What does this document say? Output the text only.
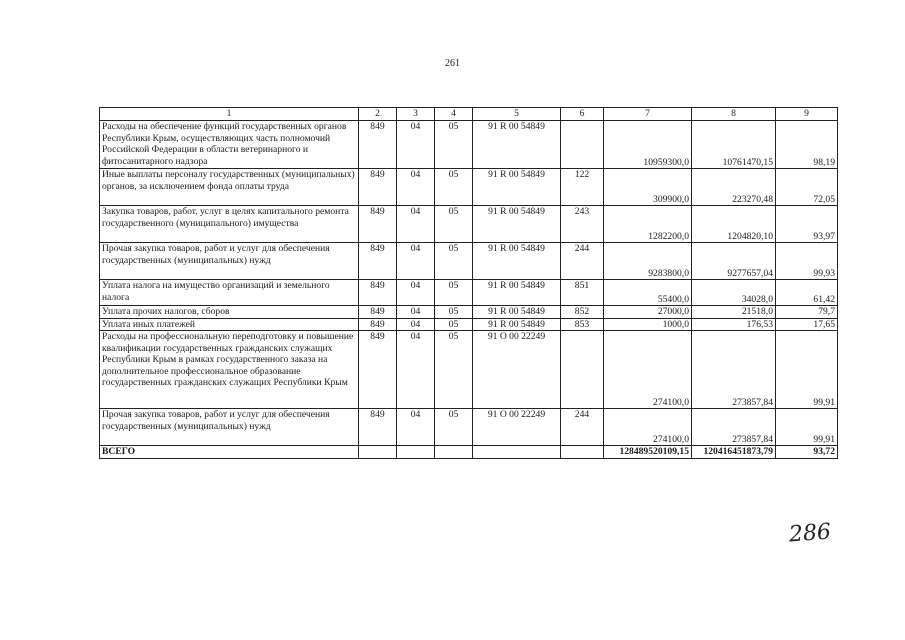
261
1	2	3	4	5	6	7	8	9
Расходы на обеспечение функций государственных органов Республики Крым, осуществляющих часть полномочий Российской Федерации в области ветеринарного и фитосанитарного надзора	849	04	05	91 R 00 54849		10959300,0	10761470,15	98,19
Иные выплаты персоналу государственных (муниципальных) органов, за исключением фонда оплаты труда	849	04	05	91 R 00 54849	122	309900,0	223270,48	72,05
Закупка товаров, работ, услуг в целях капитального ремонта государственного (муниципального) имущества	849	04	05	91 R 00 54849	243	1282200,0	1204820,10	93,97
Прочая закупка товаров, работ и услуг для обеспечения государственных (муниципальных) нужд	849	04	05	91 R 00 54849	244	9283800,0	9277657,04	99,93
Уплата налога на имущество организаций и земельного налога	849	04	05	91 R 00 54849	851	55400,0	34028,0	61,42
Уплата прочих налогов, сборов	849	04	05	91 R 00 54849	852	27000,0	21518,0	79,7
Уплата иных платежей	849	04	05	91 R 00 54849	853	1000,0	176,53	17,65
Расходы на профессиональную переподготовку и повышение квалификации государственных гражданских служащих Республики Крым в рамках государственного заказа на дополнительное профессиональное образование государственных гражданских служащих Республики Крым	849	04	05	91 О 00 22249		274100,0	273857,84	99,91
Прочая закупка товаров, работ и услуг для обеспечения государственных (муниципальных) нужд	849	04	05	91 О 00 22249	244	274100,0	273857,84	99,91
ВСЕГО						128489520109,15	120416451873,79	93,72
286
